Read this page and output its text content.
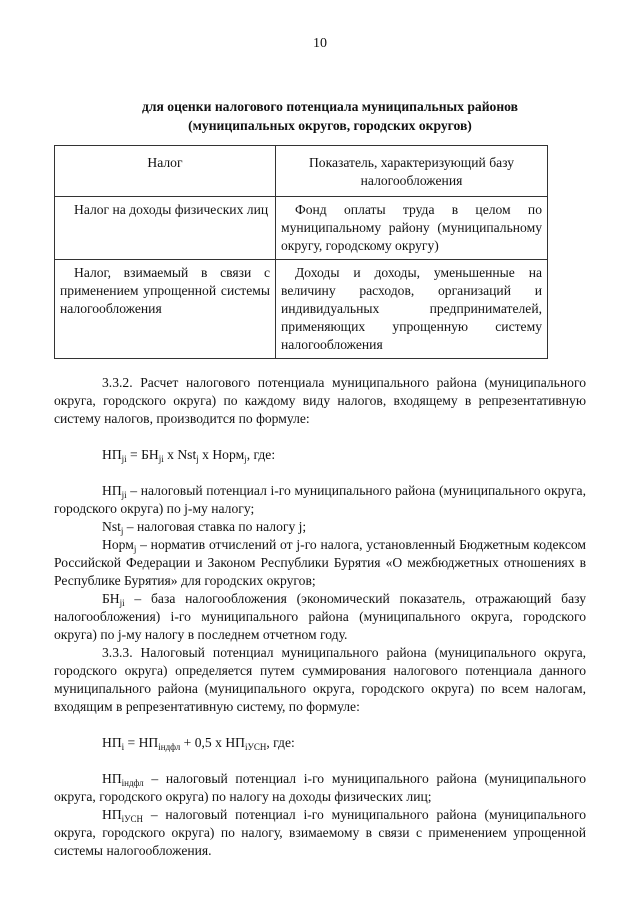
10
для оценки налогового потенциала муниципальных районов
(муниципальных округов, городских округов)
Налог	Показатель, характеризующий базу налогообложения
Налог на доходы физических лиц	Фонд оплаты труда в целом по муниципальному району (муниципальному округу, городскому округу)
Налог, взимаемый в связи с применением упрощенной системы налогообложения	Доходы и доходы, уменьшенные на величину расходов, организаций и индивидуальных предпринимателей, применяющих упрощенную систему налогообложения

3.3.2. Расчет налогового потенциала муниципального района (муниципального округа, городского округа) по каждому виду налогов, входящему в репрезентативную систему налогов, производится по формуле:

$НП_{ji} = БН_{ji}$ x Nst$_j$ x Норм$_j$, где:

$НП_{ji}$ – налоговый потенциал i-го муниципального района (муниципального округа, городского округа) по j-му налогу;

Nst$_j$ – налоговая ставка по налогу j;

Норм$_j$ – норматив отчислений от j-го налога, установленный Бюджетным кодексом Российской Федерации и Законом Республики Бурятия «О межбюджетных отношениях в Республике Бурятия» для городских округов;

$БН_{ji}$ – база налогообложения (экономический показатель, отражающий базу налогообложения) i-го муниципального района (муниципального округа, городского округа) по j-му налогу в последнем отчетном году.

3.3.3. Налоговый потенциал муниципального района (муниципального округа, городского округа) определяется путем суммирования налогового потенциала данного муниципального района (муниципального округа, городского округа) по всем налогам, входящим в репрезентативную систему, по формуле:

$НП_i = НП_{iндфл} + 0,5$ x $НП_{iУСН}$, где:

$НП_{iндфл}$ – налоговый потенциал i-го муниципального района (муниципального округа, городского округа) по налогу на доходы физических лиц;

$НП_{iУСН}$ – налоговый потенциал i-го муниципального района (муниципального округа, городского округа) по налогу, взимаемому в связи с применением упрощенной системы налогообложения.
